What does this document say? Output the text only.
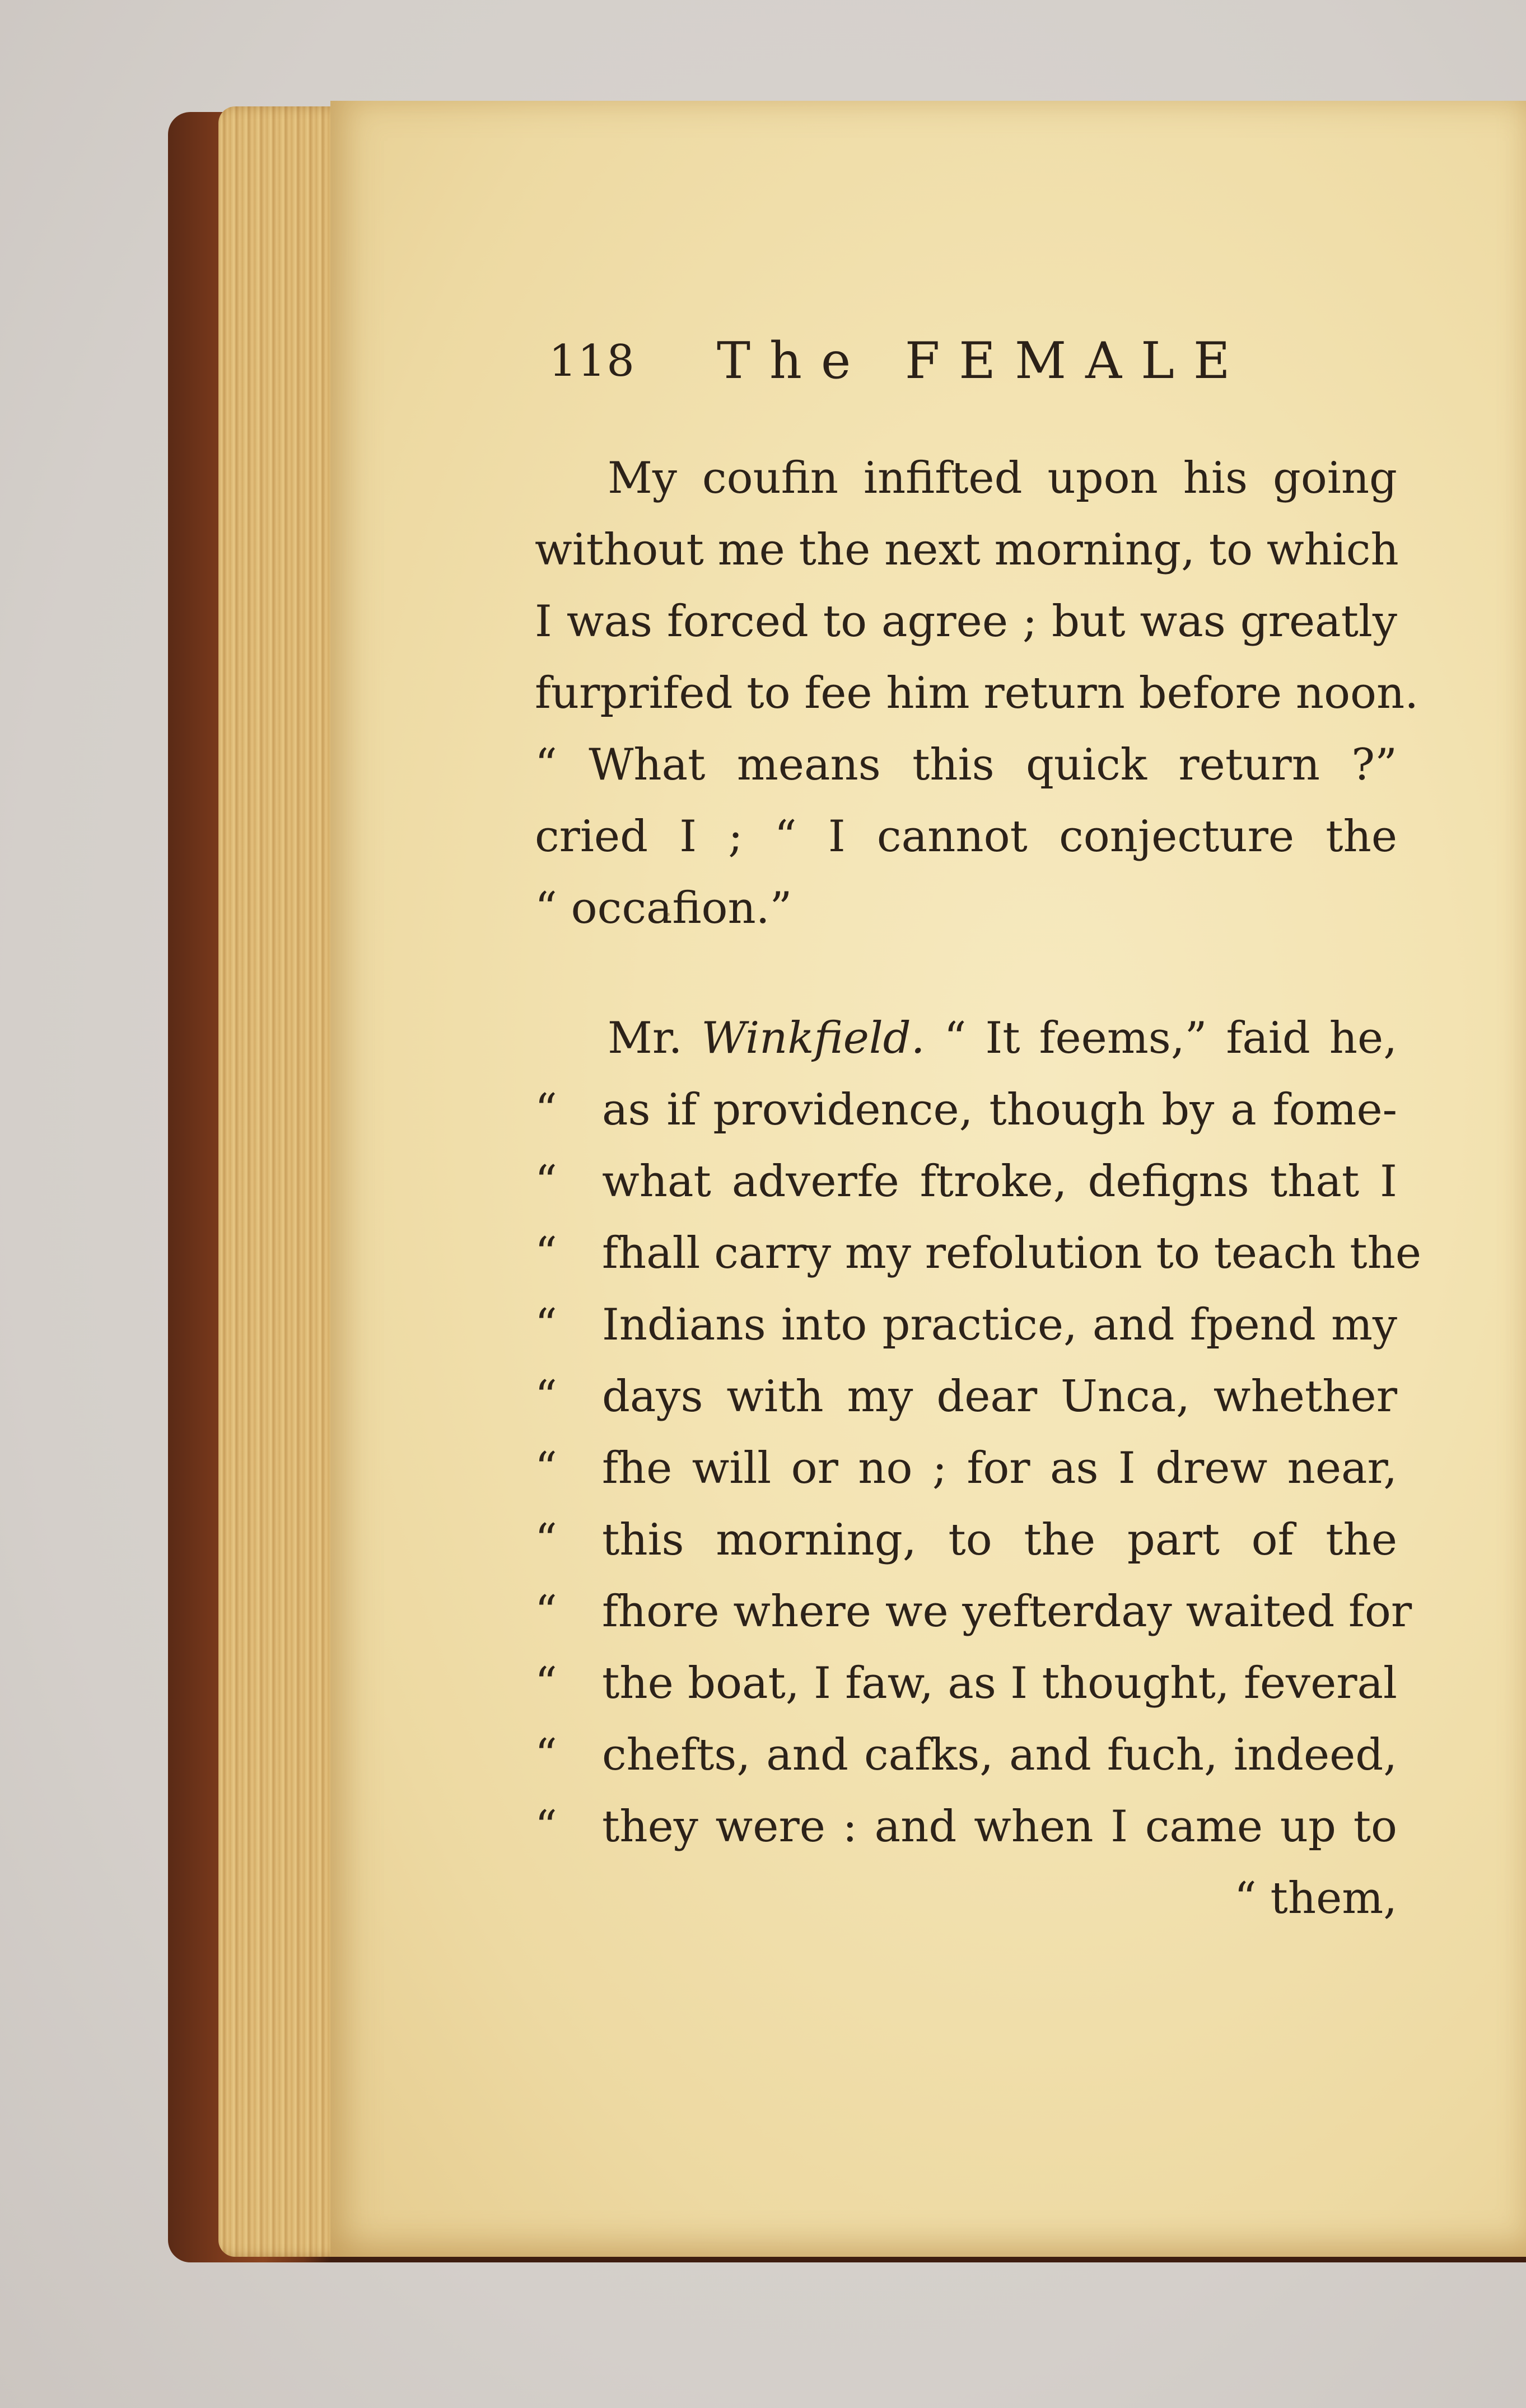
118 The FEMALE
My coufin infifted upon his going
without me the next morning, to which
I was forced to agree ; but was greatly
furprifed to fee him return before noon.
“ What means this quick return ?”
cried I ; “ I cannot conjecture the
“ occafion.”
Mr. Winkfield. “ It feems,” faid he,
“ as if providence, though by a fome-
“ what adverfe ftroke, defigns that I
“ fhall carry my refolution to teach the
“ Indians into practice, and fpend my
“ days with my dear Unca, whether
“ fhe will or no ; for as I drew near,
“ this morning, to the part of the
“ fhore where we yefterday waited for
“ the boat, I faw, as I thought, feveral
“ chefts, and cafks, and fuch, indeed,
“ they were : and when I came up to
“ them,
